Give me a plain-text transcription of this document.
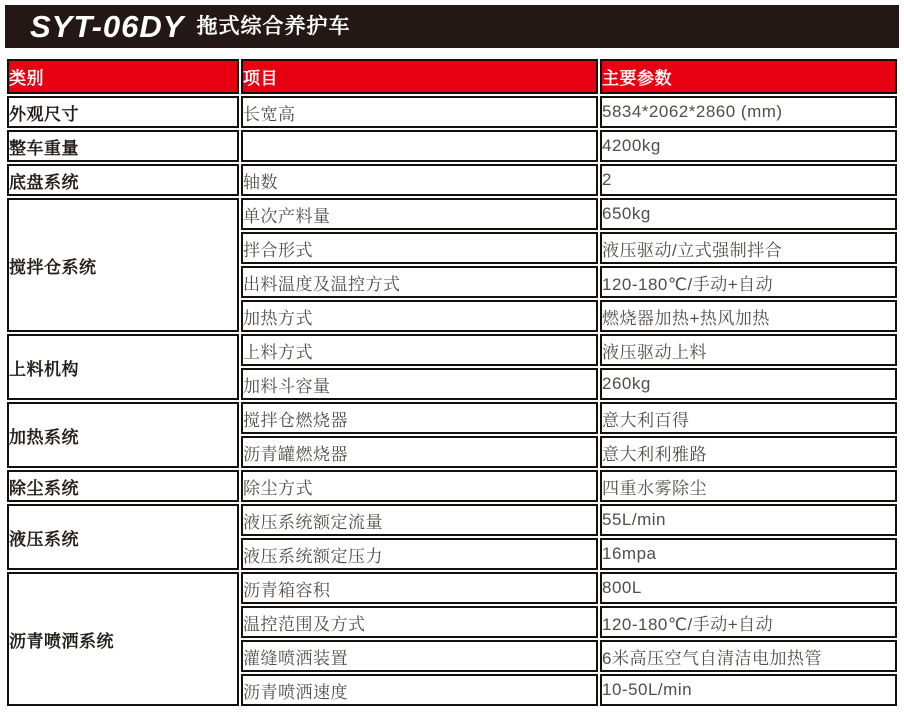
SYT-06DY 拖式综合养护车
类别	项目	主要参数
外观尺寸	长宽高	5834*2062*2860 (mm)
整车重量		4200kg
底盘系统	轴数	2
搅拌仓系统	单次产料量	650kg
	拌合形式	液压驱动/立式强制拌合
	出料温度及温控方式	120-180℃/手动+自动
	加热方式	燃烧器加热+热风加热
上料机构	上料方式	液压驱动上料
	加料斗容量	260kg
加热系统	搅拌仓燃烧器	意大利百得
	沥青罐燃烧器	意大利利雅路
除尘系统	除尘方式	四重水雾除尘
液压系统	液压系统额定流量	55L/min
	液压系统额定压力	16mpa
沥青喷洒系统	沥青箱容积	800L
	温控范围及方式	120-180℃/手动+自动
	灌缝喷洒装置	6米高压空气自清洁电加热管
	沥青喷洒速度	10-50L/min
